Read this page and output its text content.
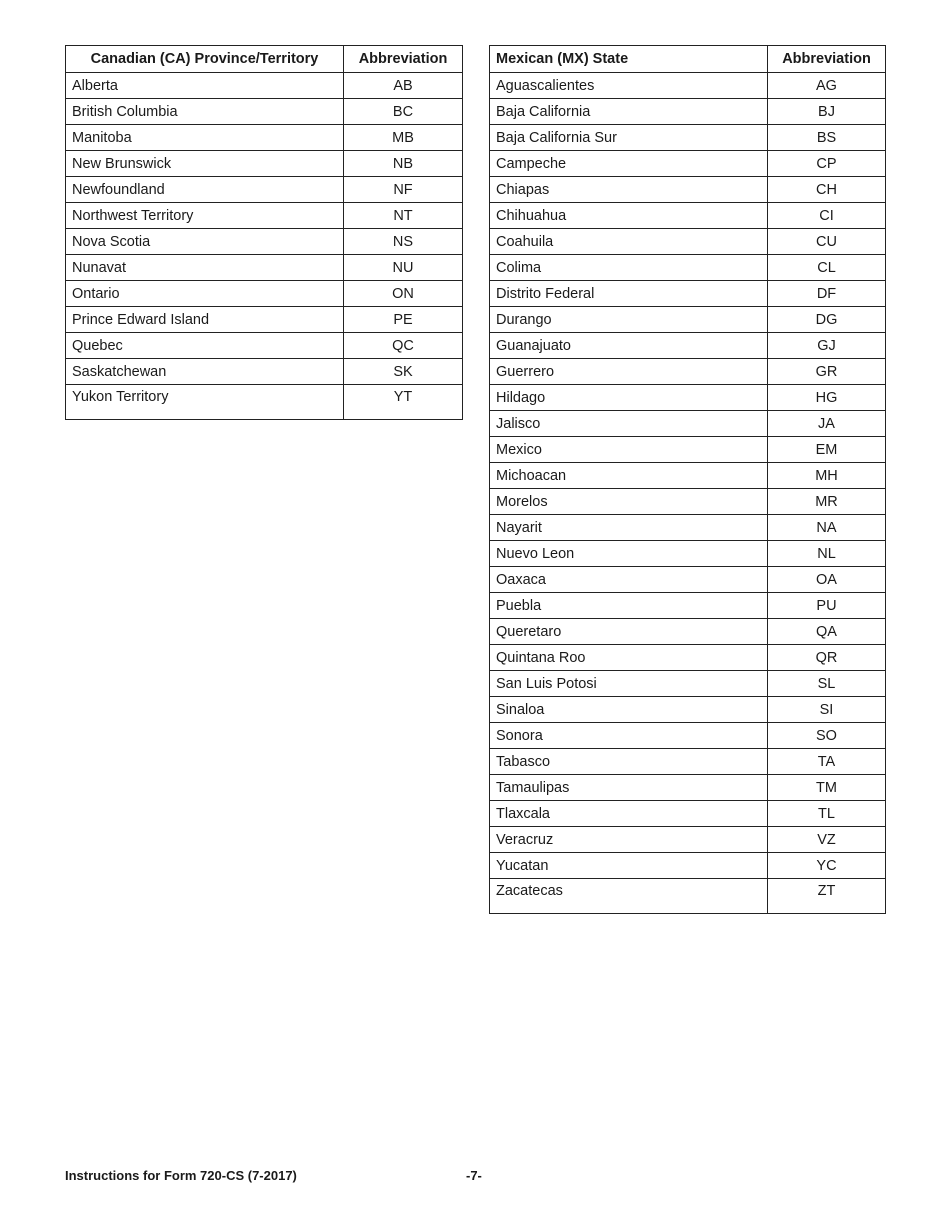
Canadian (CA) Province/Territory	Abbreviation
Alberta	AB
British Columbia	BC
Manitoba	MB
New Brunswick	NB
Newfoundland	NF
Northwest Territory	NT
Nova Scotia	NS
Nunavat	NU
Ontario	ON
Prince Edward Island	PE
Quebec	QC
Saskatchewan	SK
Yukon Territory	YT
Mexican (MX) State	Abbreviation
Aguascalientes	AG
Baja California	BJ
Baja California Sur	BS
Campeche	CP
Chiapas	CH
Chihuahua	CI
Coahuila	CU
Colima	CL
Distrito Federal	DF
Durango	DG
Guanajuato	GJ
Guerrero	GR
Hildago	HG
Jalisco	JA
Mexico	EM
Michoacan	MH
Morelos	MR
Nayarit	NA
Nuevo Leon	NL
Oaxaca	OA
Puebla	PU
Queretaro	QA
Quintana Roo	QR
San Luis Potosi	SL
Sinaloa	SI
Sonora	SO
Tabasco	TA
Tamaulipas	TM
Tlaxcala	TL
Veracruz	VZ
Yucatan	YC
Zacatecas	ZT
Instructions for Form 720-CS (7-2017)	-7-
